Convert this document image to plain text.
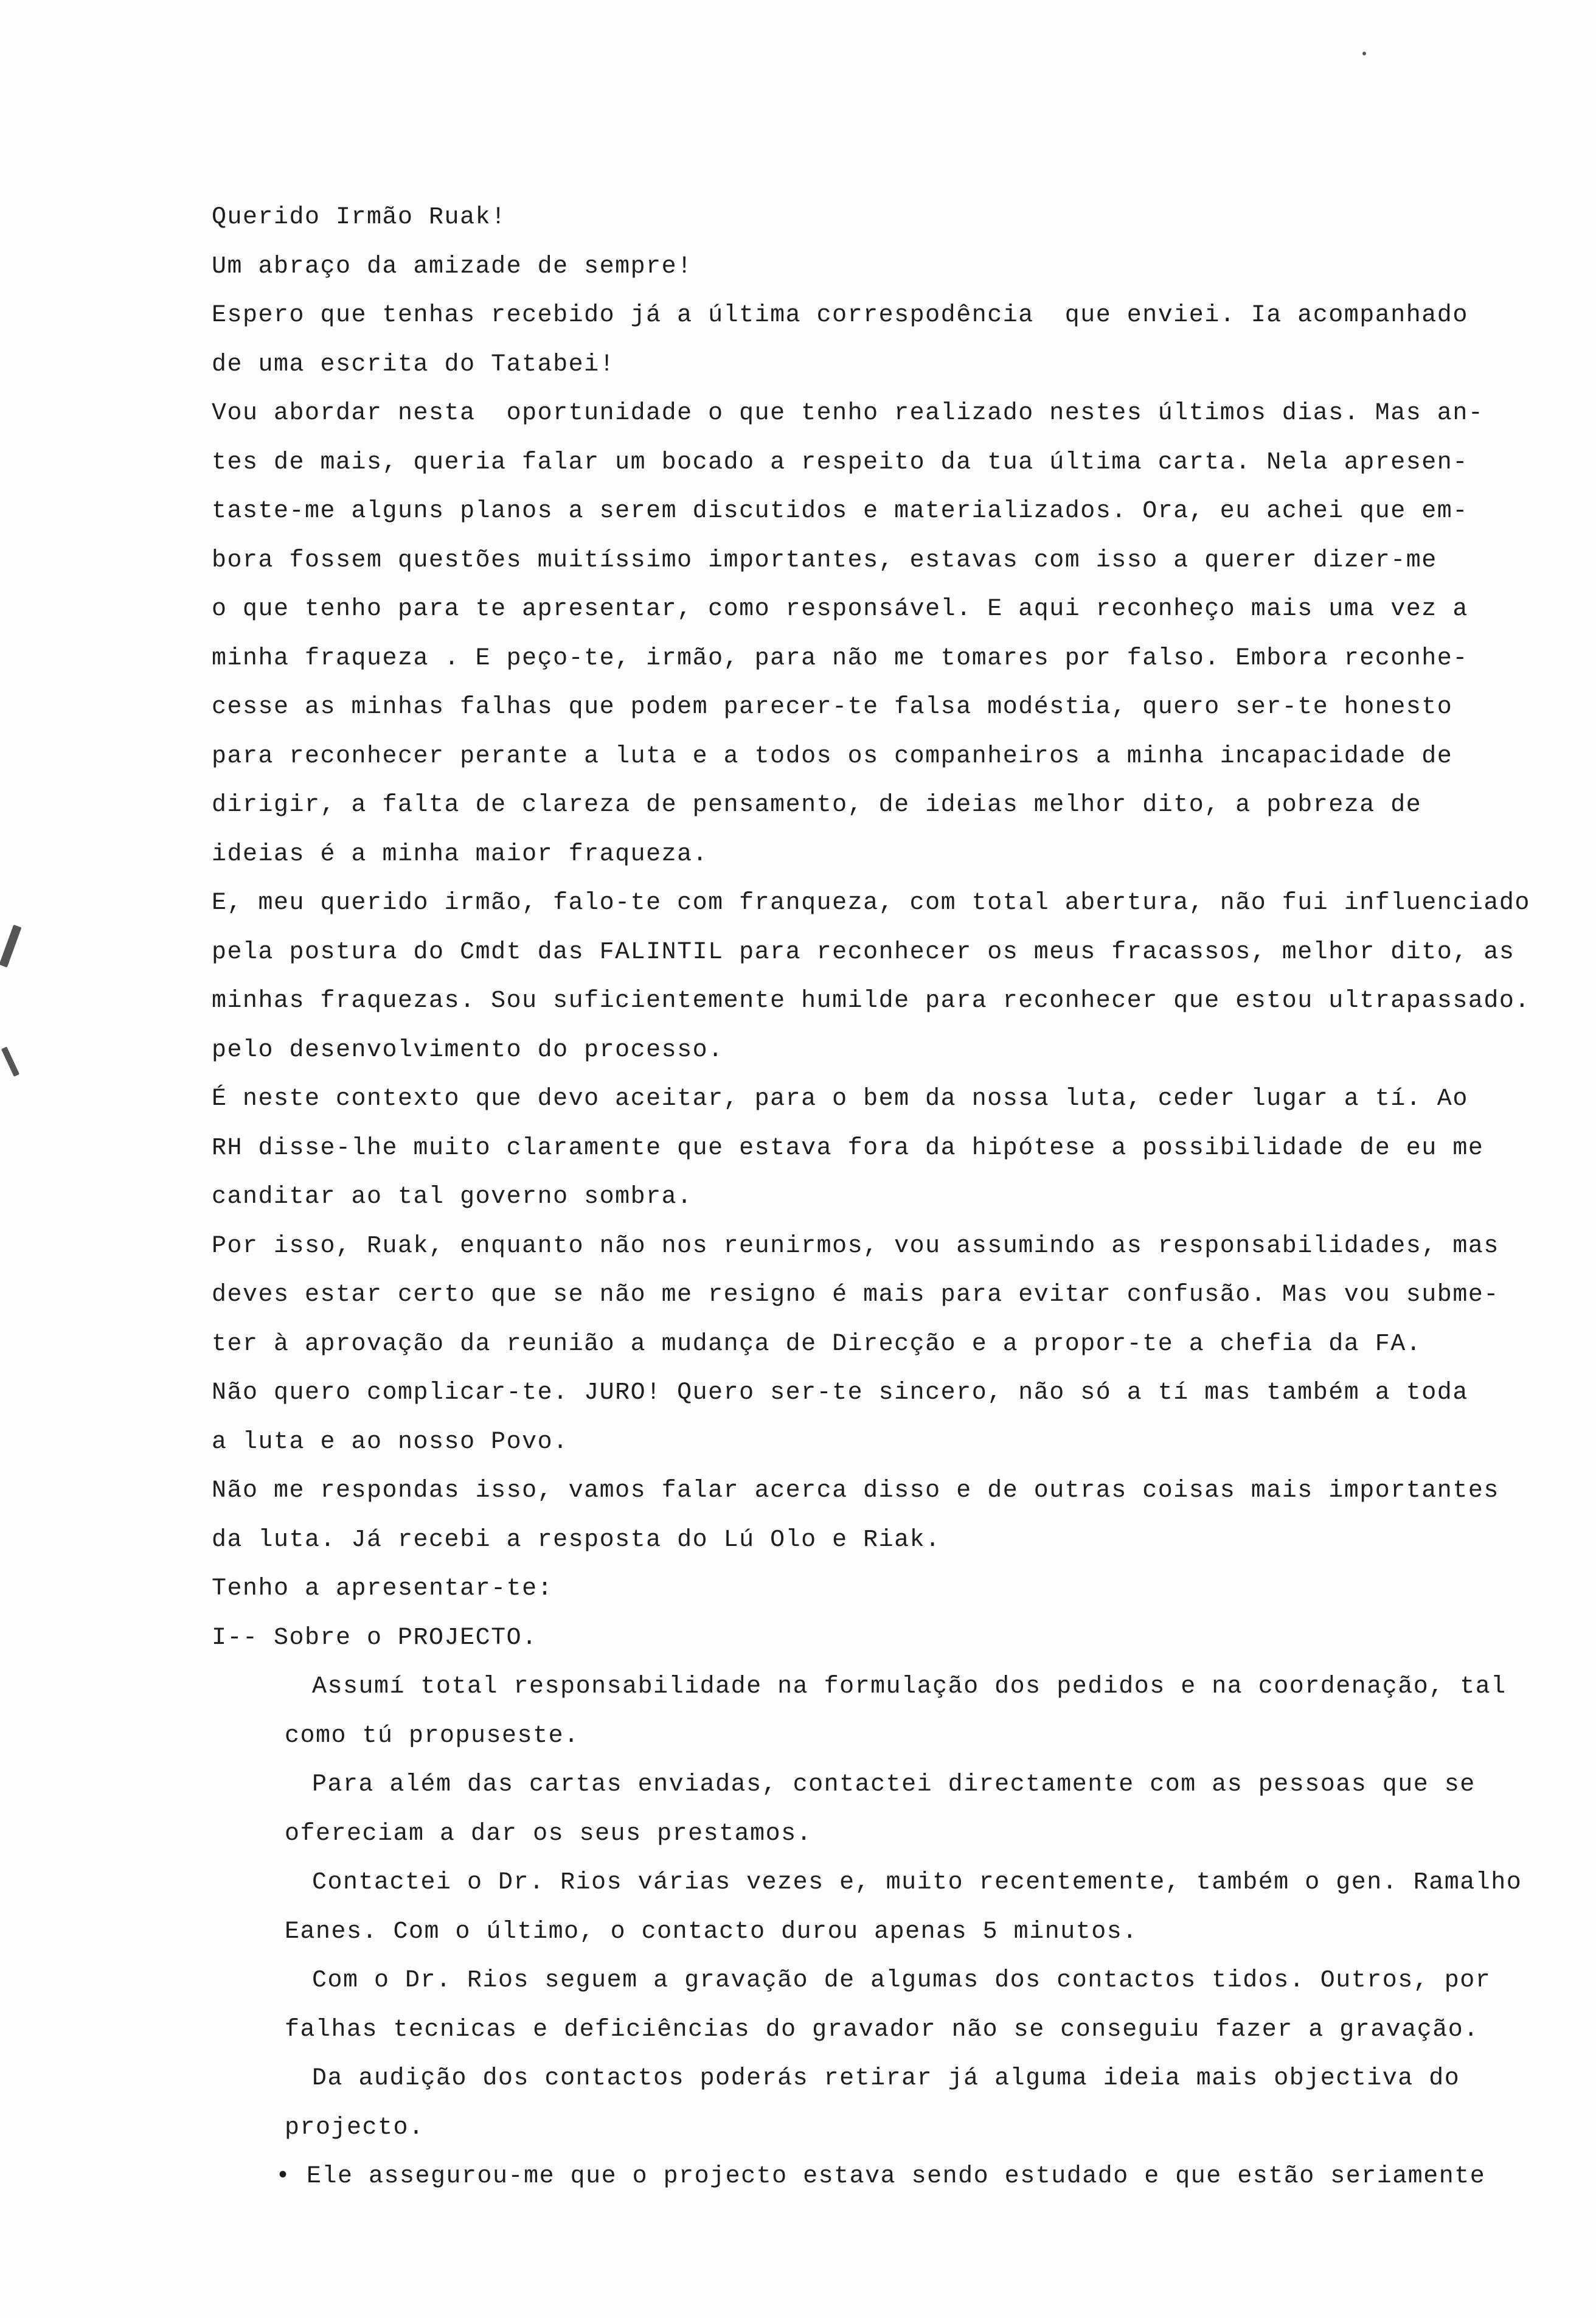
Querido Irmão Ruak!
Um abraço da amizade de sempre!
Espero que tenhas recebido já a última correspodência  que enviei. Ia acompanhado
de uma escrita do Tatabei!
Vou abordar nesta  oportunidade o que tenho realizado nestes últimos dias. Mas an-
tes de mais, queria falar um bocado a respeito da tua última carta. Nela apresen-
taste-me alguns planos a serem discutidos e materializados. Ora, eu achei que em-
bora fossem questões muitíssimo importantes, estavas com isso a querer dizer-me
o que tenho para te apresentar, como responsável. E aqui reconheço mais uma vez a
minha fraqueza . E peço-te, irmão, para não me tomares por falso. Embora reconhe-
cesse as minhas falhas que podem parecer-te falsa modéstia, quero ser-te honesto
para reconhecer perante a luta e a todos os companheiros a minha incapacidade de
dirigir, a falta de clareza de pensamento, de ideias melhor dito, a pobreza de
ideias é a minha maior fraqueza.
E, meu querido irmão, falo-te com franqueza, com total abertura, não fui influenciado
pela postura do Cmdt das FALINTIL para reconhecer os meus fracassos, melhor dito, as
minhas fraquezas. Sou suficientemente humilde para reconhecer que estou ultrapassado.
pelo desenvolvimento do processo.
É neste contexto que devo aceitar, para o bem da nossa luta, ceder lugar a tí. Ao
RH disse-lhe muito claramente que estava fora da hipótese a possibilidade de eu me
canditar ao tal governo sombra.
Por isso, Ruak, enquanto não nos reunirmos, vou assumindo as responsabilidades, mas
deves estar certo que se não me resigno é mais para evitar confusão. Mas vou subme-
ter à aprovação da reunião a mudança de Direcção e a propor-te a chefia da FA.
Não quero complicar-te. JURO! Quero ser-te sincero, não só a tí mas também a toda
a luta e ao nosso Povo.
Não me respondas isso, vamos falar acerca disso e de outras coisas mais importantes
da luta. Já recebi a resposta do Lú Olo e Riak.
Tenho a apresentar-te:
I-- Sobre o PROJECTO.
Assumí total responsabilidade na formulação dos pedidos e na coordenação, tal
como tú propuseste.
Para além das cartas enviadas, contactei directamente com as pessoas que se
ofereciam a dar os seus prestamos.
Contactei o Dr. Rios várias vezes e, muito recentemente, também o gen. Ramalho
Eanes. Com o último, o contacto durou apenas 5 minutos.
Com o Dr. Rios seguem a gravação de algumas dos contactos tidos. Outros, por
falhas tecnicas e deficiências do gravador não se conseguiu fazer a gravação.
Da audição dos contactos poderás retirar já alguma ideia mais objectiva do
projecto.
• Ele assegurou-me que o projecto estava sendo estudado e que estão seriamente
